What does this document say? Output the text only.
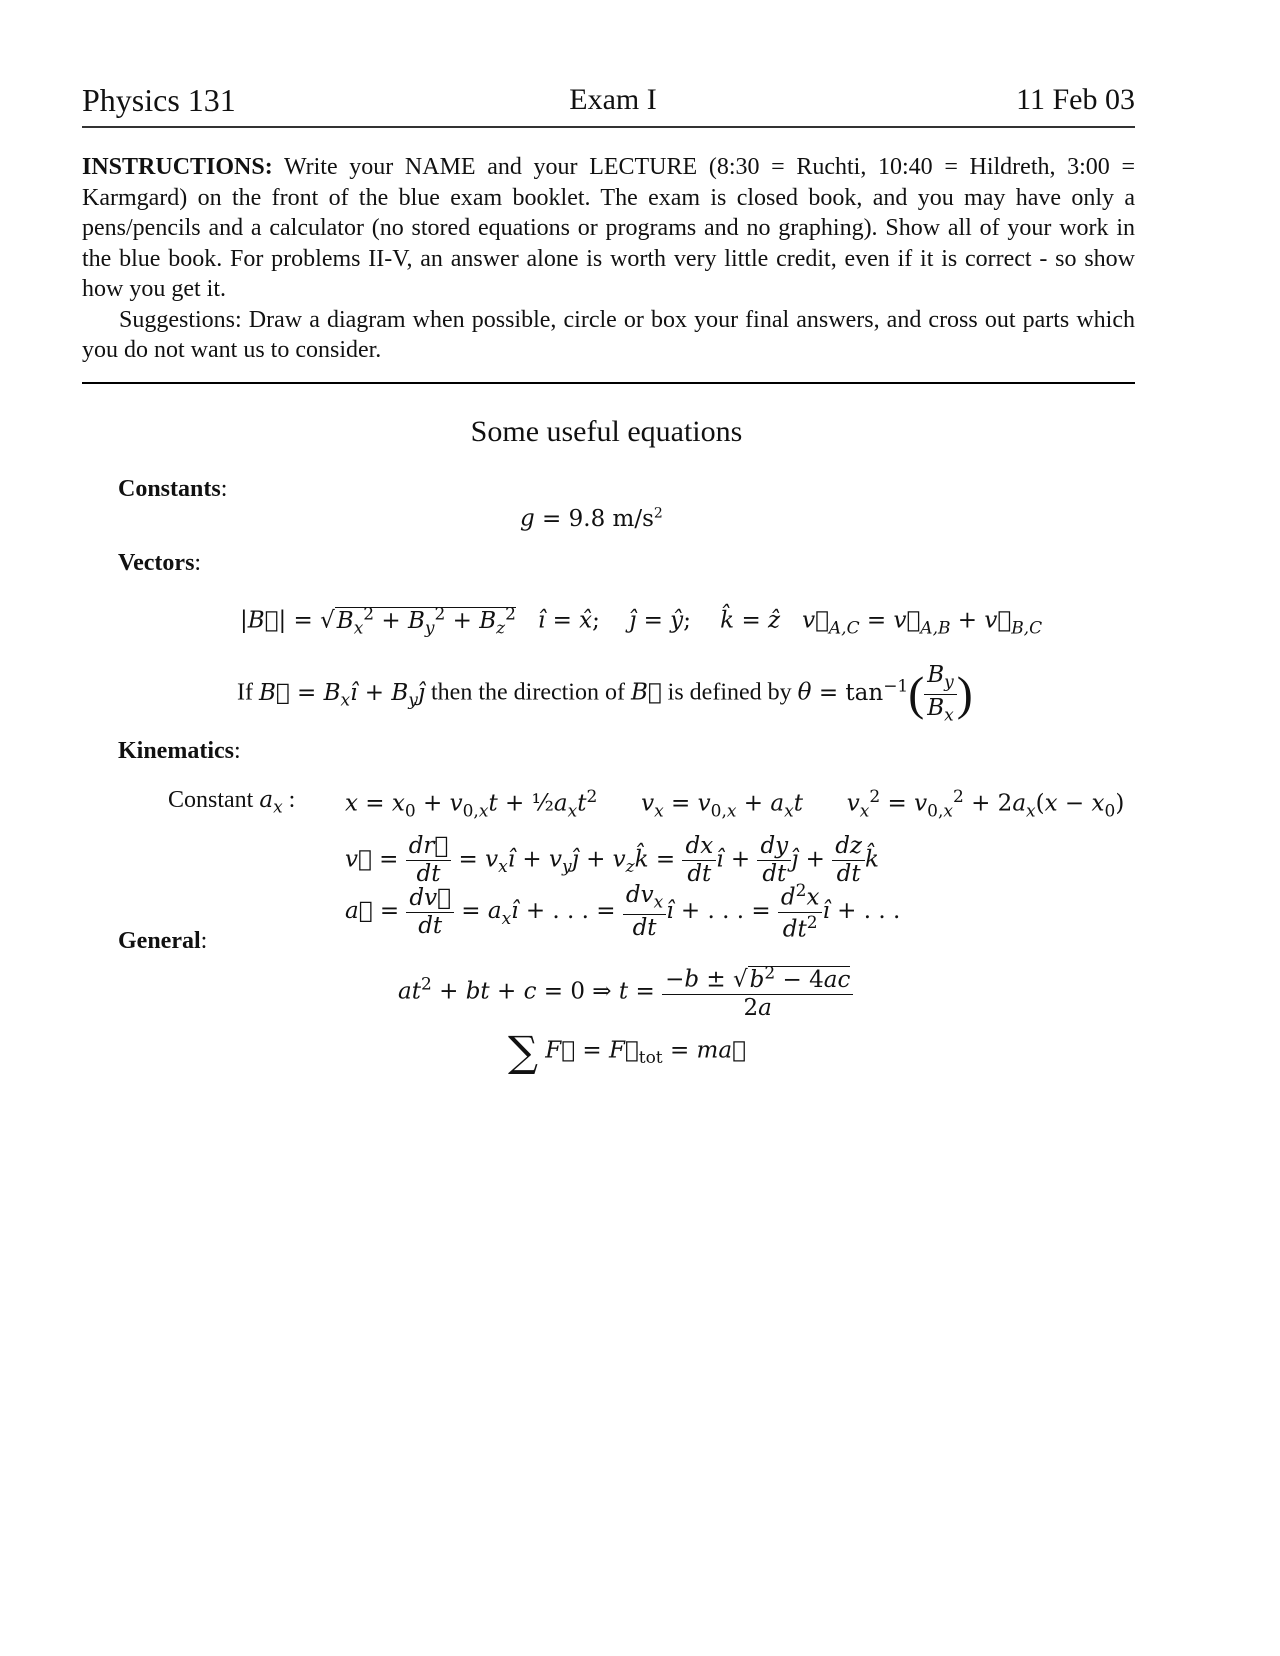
Physics 131	Exam I	11 Feb 03

INSTRUCTIONS: Write your NAME and your LECTURE (8:30 = Ruchti, 10:40 = Hildreth, 3:00 = Karmgard) on the front of the blue exam booklet. The exam is closed book, and you may have only a pens/pencils and a calculator (no stored equations or programs and no graphing). Show all of your work in the blue book. For problems II-V, an answer alone is worth very little credit, even if it is correct - so show how you get it.

Suggestions: Draw a diagram when possible, circle or box your final answers, and cross out parts which you do not want us to consider.

Some useful equations
Constants:
g = 9.8 $m/s^2$
Vectors:
|B⃗| = $√B_x^2 + B_y^2 + B_z^2$   î = x̂;    ĵ = ŷ;    k̂ = ẑ   $v⃗_{A,C}$ = $v⃗_{A,B}$ + $v⃗_{B,C}$
If B⃗ = $B_xî$ + $B_yĵ$ then the direction of B⃗ is defined by $\theta = \tan^{-1}( \frac{B_y}{B_x}$ )
Kinematics:
Constant $a_x$ : $x = x_0 + v_{0,x}t$ + $\frac{1}{2}a_xt^2$      $v_x = v_{0,x} + a_xt$      $v_x^2 = v_{0,x}^2 + 2a_x(x - x_0)$
v⃗ = $\frac{dr⃗}{dt}$ = $v_xî$ + $v_yĵ$ + $v_zk̂ = \frac{dx}{dt}$ î + $\frac{dy}{dt}$ ĵ + $\frac{dz}{dt}$ k̂
a⃗ = $\frac{dv⃗}{dt}$ = $a_xî$ + . . . = $\frac{dv_x}{dt}$ î + . . . = $\frac{d^2x}{dt^2}$ î + . . .
General:
$at^2$ + bt + c = 0 ⇒ $t = \frac{-b \pm √b^2 - 4ac}{2a}$
∑ F⃗ = $F⃗_{tot}$ = ma⃗
